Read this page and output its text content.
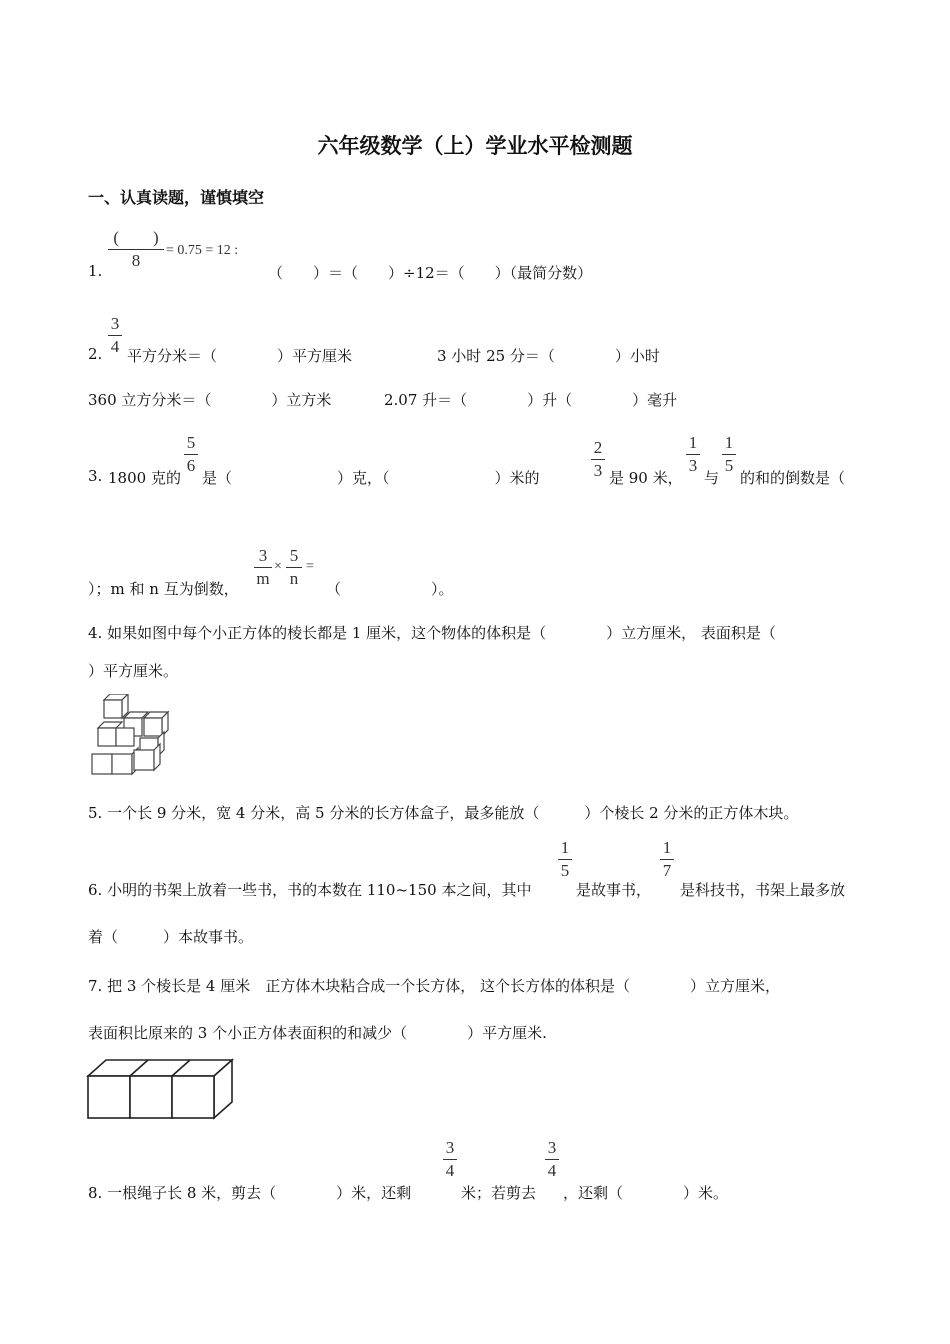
六年级数学（上）学业水平检测题
一、认真读题，谨慎填空
1.
(　　)
8
= 0.75 = 12 :
（　　）＝（　　）÷12＝（　　）（最简分数）
2.
3
4 平方分米＝（　　　　）平方厘米	3 小时 25 分＝（　　　　）小时
360 立方分米＝（　　　　）立方米	2.07 升＝（　　　　）升（　　　　）毫升
3. 1800 克的
5
6
是（　　　　　　　）克，（　　　　　　　）米的
2
3 是 90 米，
1
3
与
1
5
的和的倒数是（
）；m 和 n 互为倒数，
3
m
×
5
n
=
（　　　　　　）。
4. 如果如图中每个小正方体的棱长都是 1 厘米，这个物体的体积是（　　　　）立方厘米， 表面积是（
）平方厘米。
5. 一个长 9 分米，宽 4 分米，高 5 分米的长方体盒子，最多能放（　　　）个棱长 2 分米的正方体木块。
6. 小明的书架上放着一些书，书的本数在 110~150 本之间，其中
1
5
是故事书，
1
7
是科技书，书架上最多放
着（　　　）本故事书。
7. 把 3 个棱长是 4 厘米　正方体木块粘合成一个长方体， 这个长方体的体积是（　　　　）立方厘米，
表面积比原来的 3 个小正方体表面积的和减少（　　　　）平方厘米.
8. 一根绳子长 8 米，剪去（　　　　）米，还剩
3
4
米；若剪去
3
4
，还剩（　　　　）米。
